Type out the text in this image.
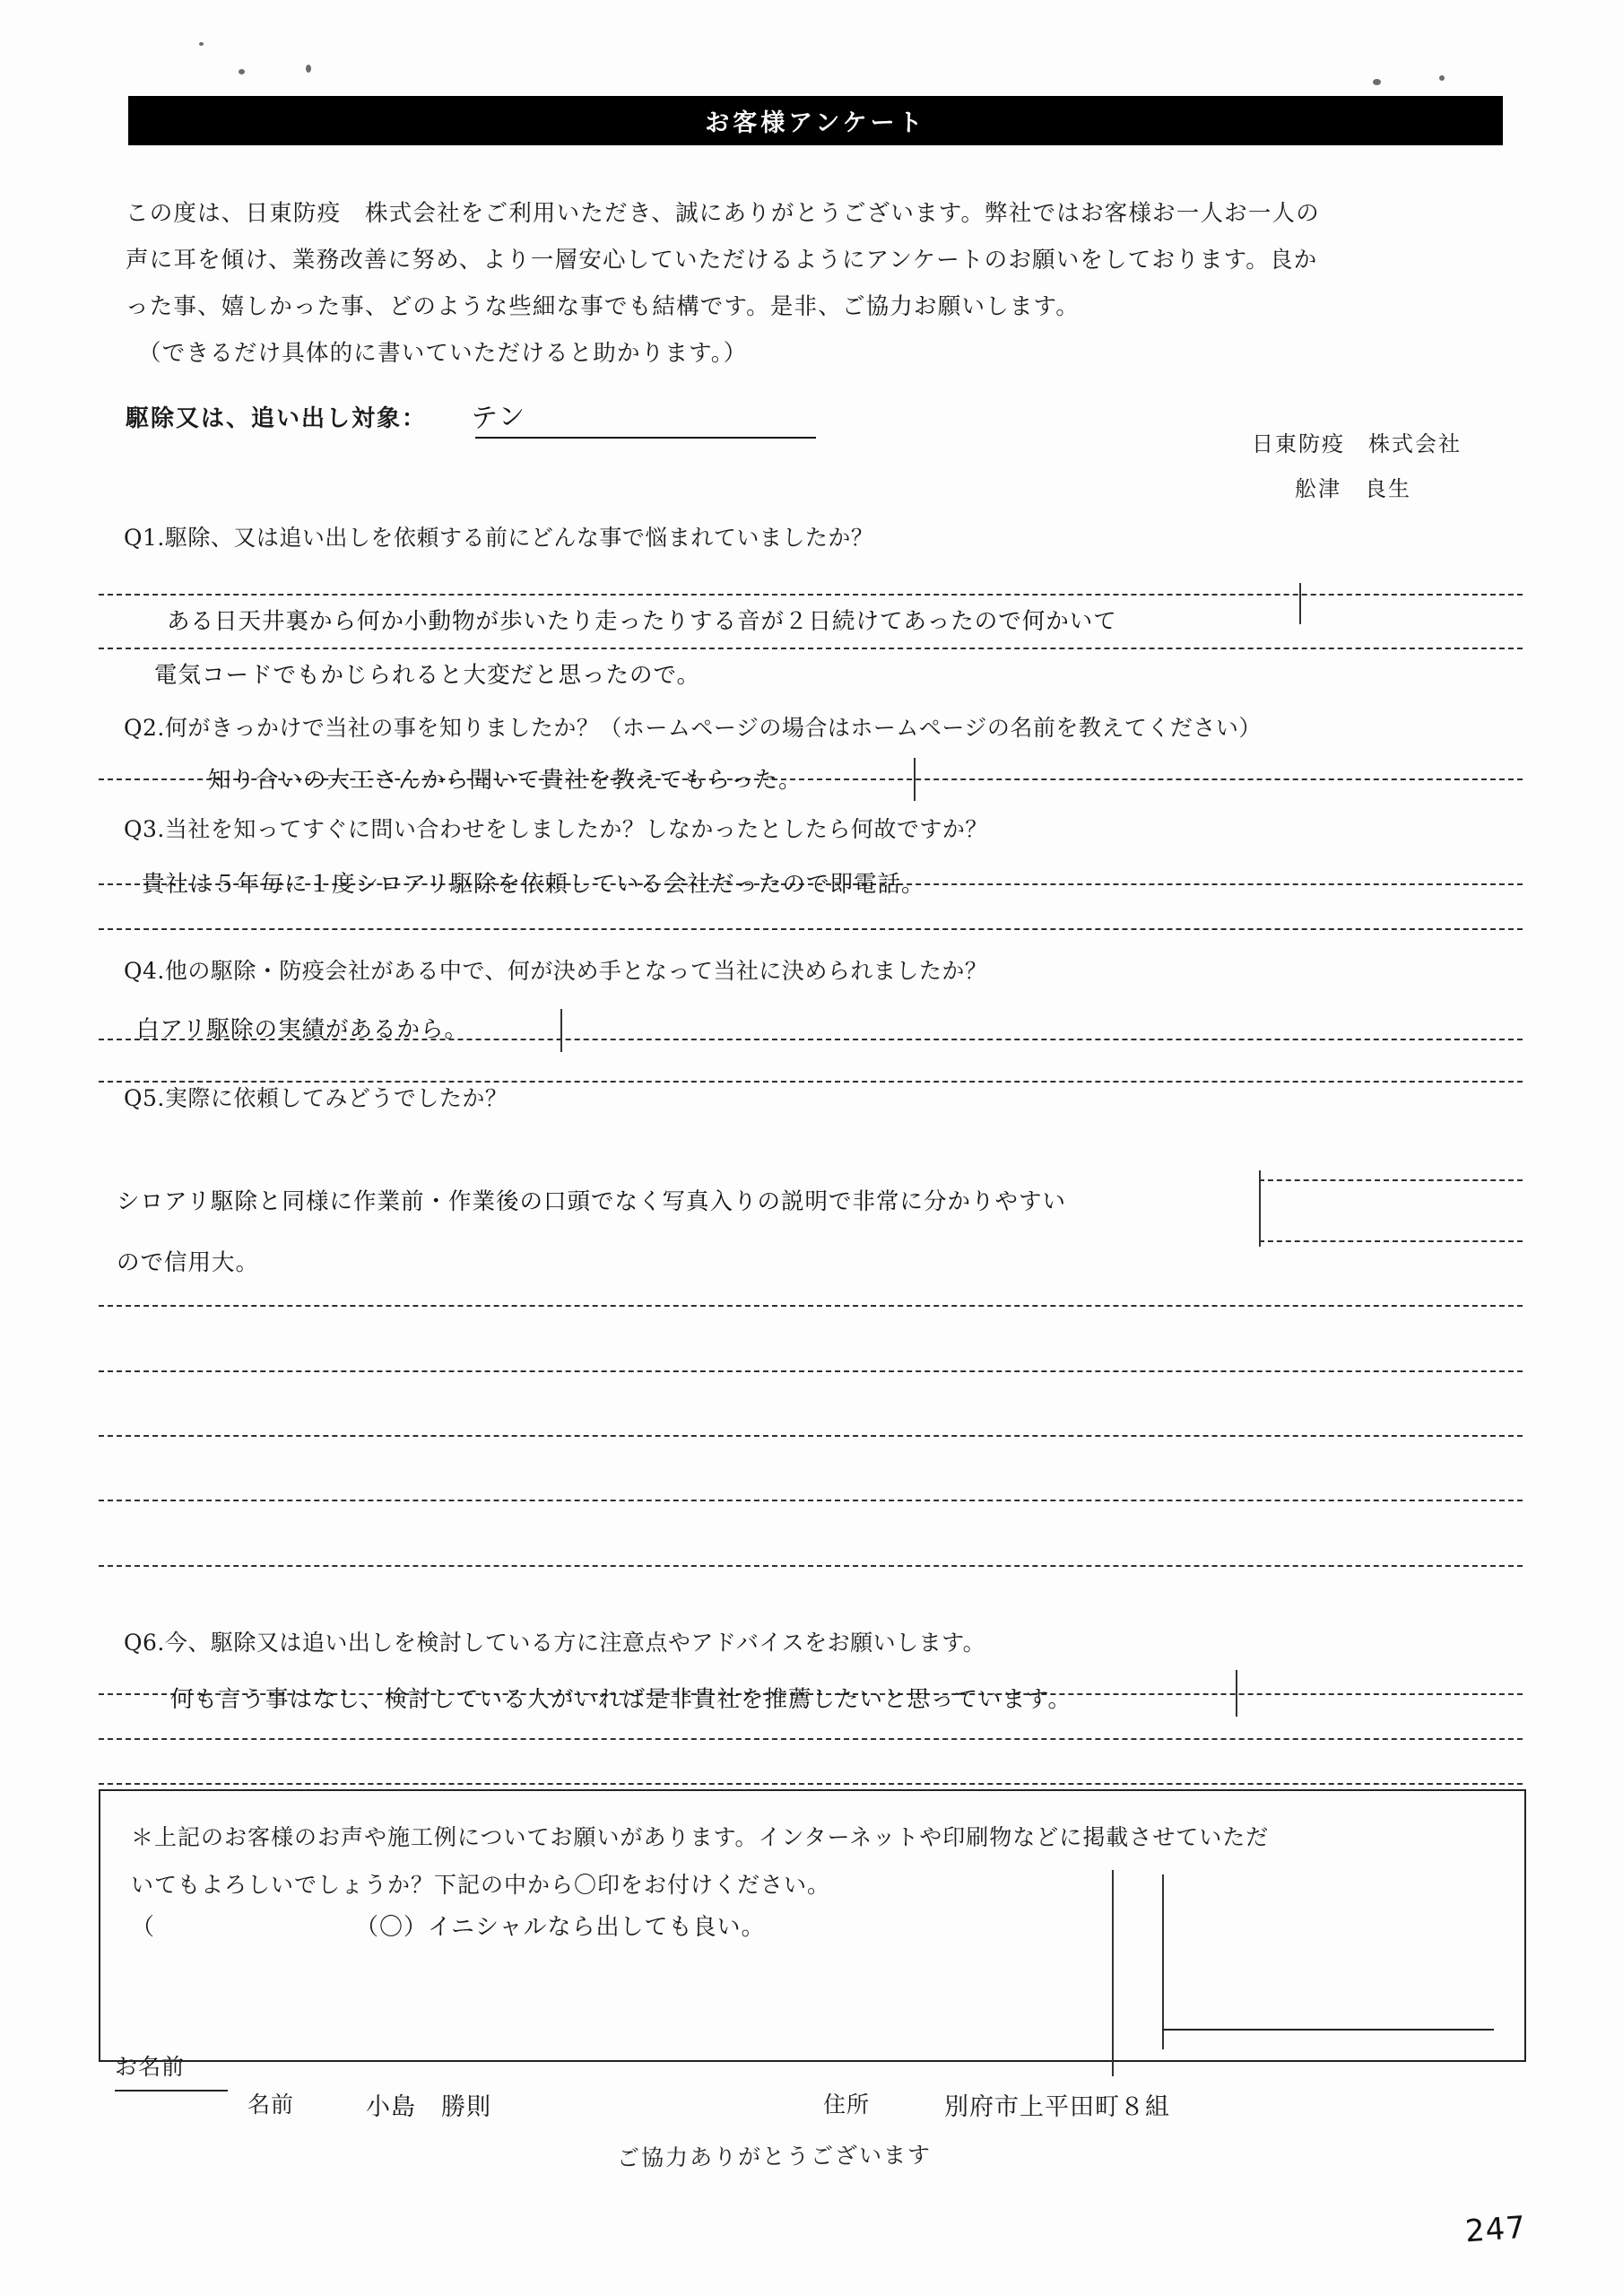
お客様アンケート

この度は、日東防疫　株式会社をご利用いただき、誠にありがとうございます。弊社ではお客様お一人お一人の

声に耳を傾け、業務改善に努め、より一層安心していただけるようにアンケートのお願いをしております。良か

った事、嬉しかった事、どのような些細な事でも結構です。是非、ご協力お願いします。

（できるだけ具体的に書いていただけると助かります。）

駆除又は、追い出し対象： テン
日東防疫　株式会社
舩津　良生
Q1.駆除、又は追い出しを依頼する前にどんな事で悩まれていましたか？
ある日天井裏から何か小動物が歩いたり走ったりする音が２日続けてあったので何かいて
電気コードでもかじられると大変だと思ったので。
Q2.何がきっかけで当社の事を知りましたか？（ホームページの場合はホームページの名前を教えてください）
知り合いの大工さんから聞いて貴社を教えてもらった。
Q3.当社を知ってすぐに問い合わせをしましたか？しなかったとしたら何故ですか？
貴社は５年毎に１度シロアリ駆除を依頼している会社だったので即電話。
Q4.他の駆除・防疫会社がある中で、何が決め手となって当社に決められましたか？
白アリ駆除の実績があるから。
Q5.実際に依頼してみどうでしたか？
シロアリ駆除と同様に作業前・作業後の口頭でなく写真入りの説明で非常に分かりやすい
ので信用大。
Q6.今、駆除又は追い出しを検討している方に注意点やアドバイスをお願いします。
何も言う事はなし、検討している人がいれば是非貴社を推薦したいと思っています。
＊上記のお客様のお声や施工例についてお願いがあります。インターネットや印刷物などに掲載させていただ
いてもよろしいでしょうか？下記の中から〇印をお付けください。
（	（〇）イニシャルなら出しても良い。
お名前
名前	小島　勝則	住所	別府市上平田町８組
ご協力ありがとうございます
247
